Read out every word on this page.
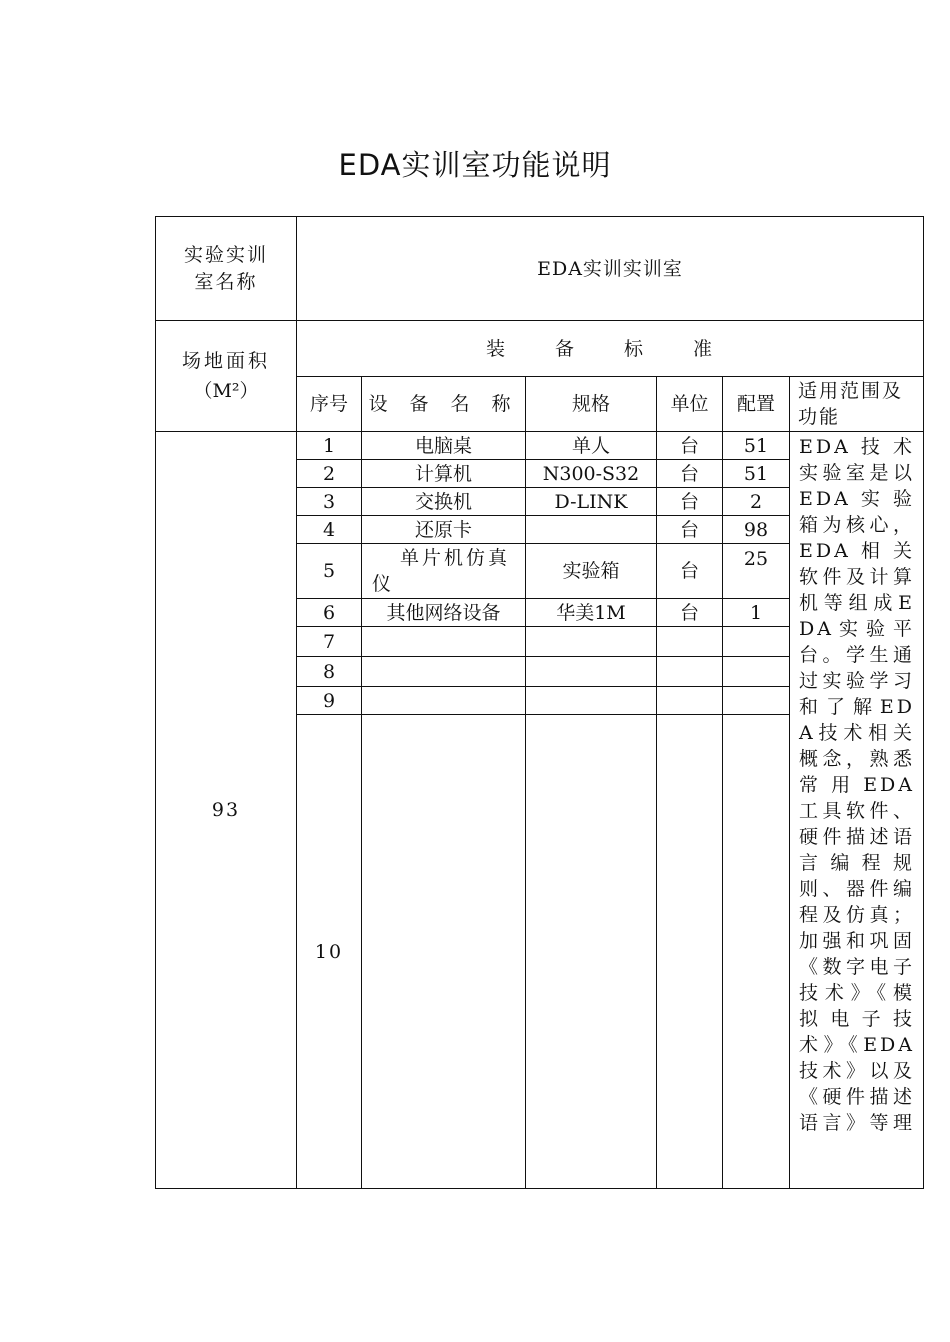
EDA实训室功能说明
实验实训室名称	EDA实训实训室					

场地面积
（M²）	装 备 标 准					
	序号	设 备 名 称	规格	单位	配置	适用范围及功能
93	1	电脑桌	单人	台	51	EDA技术实验室是以EDA实验箱为核心，EDA相关软件及计算机等组成EDA实验平台。学生通过实验学习和了解EDA技术相关概念，熟悉常用EDA工具软件、硬件描述语言编程规则、器件编程及仿真；加强和巩固《数字电子技术》《模拟电子技术》《EDA技术》以及《硬件描述语言》等理
	2	计算机	N300-S32	台	51	
	3	交换机	D-LINK	台	2	
	4	还原卡		台	98	
	5	单片机仿真仪	实验箱	台	25	
	6	其他网络设备	华美1M	台	1	
	7					
	8					
	9					
	10					
